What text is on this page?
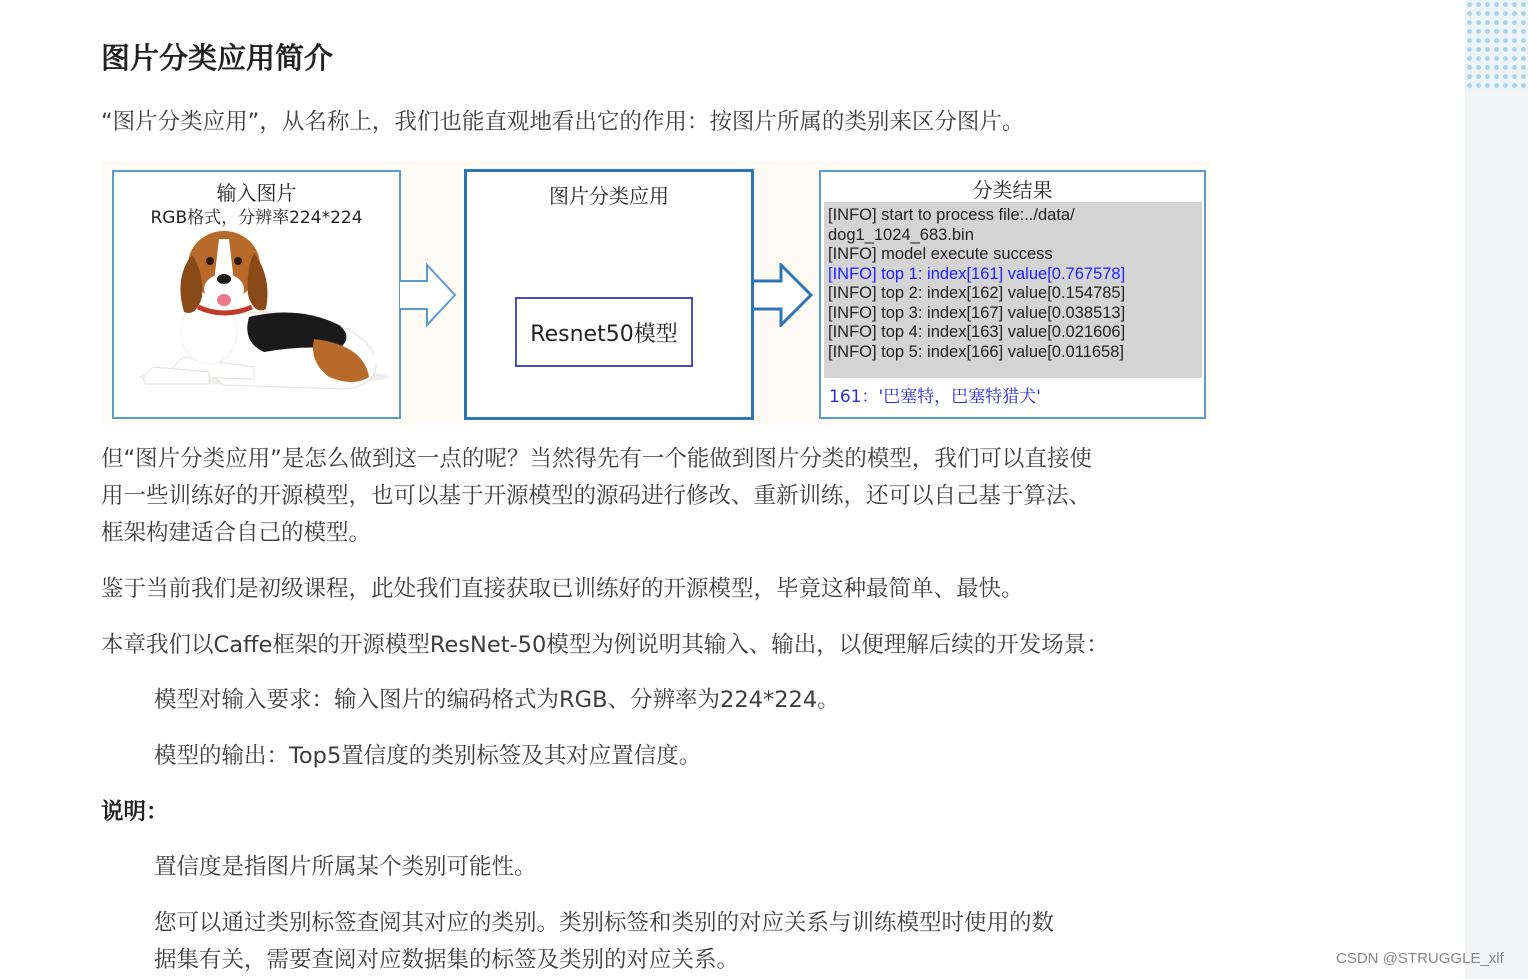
图片分类应用简介

“图片分类应用”，从名称上，我们也能直观地看出它的作用：按图片所属的类别来区分图片。

输入图片
RGB格式，分辨率224*224
图片分类应用
Resnet50模型
分类结果
[INFO] start to process file:../data/
dog1_1024_683.bin
[INFO] model execute success
[INFO] top 1: index[161] value[0.767578]
[INFO] top 2: index[162] value[0.154785]
[INFO] top 3: index[167] value[0.038513]
[INFO] top 4: index[163] value[0.021606]
[INFO] top 5: index[166] value[0.011658]
161：'巴塞特，巴塞特猎犬'

但“图片分类应用”是怎么做到这一点的呢？当然得先有一个能做到图片分类的模型，我们可以直接使

用一些训练好的开源模型，也可以基于开源模型的源码进行修改、重新训练，还可以自己基于算法、

框架构建适合自己的模型。

鉴于当前我们是初级课程，此处我们直接获取已训练好的开源模型，毕竟这种最简单、最快。

本章我们以Caffe框架的开源模型ResNet-50模型为例说明其输入、输出，以便理解后续的开发场景：

模型对输入要求：输入图片的编码格式为RGB、分辨率为224*224。

模型的输出：Top5置信度的类别标签及其对应置信度。

说明：

置信度是指图片所属某个类别可能性。

您可以通过类别标签查阅其对应的类别。类别标签和类别的对应关系与训练模型时使用的数

据集有关，需要查阅对应数据集的标签及类别的对应关系。	CSDN @STRUGGLE_xlf
